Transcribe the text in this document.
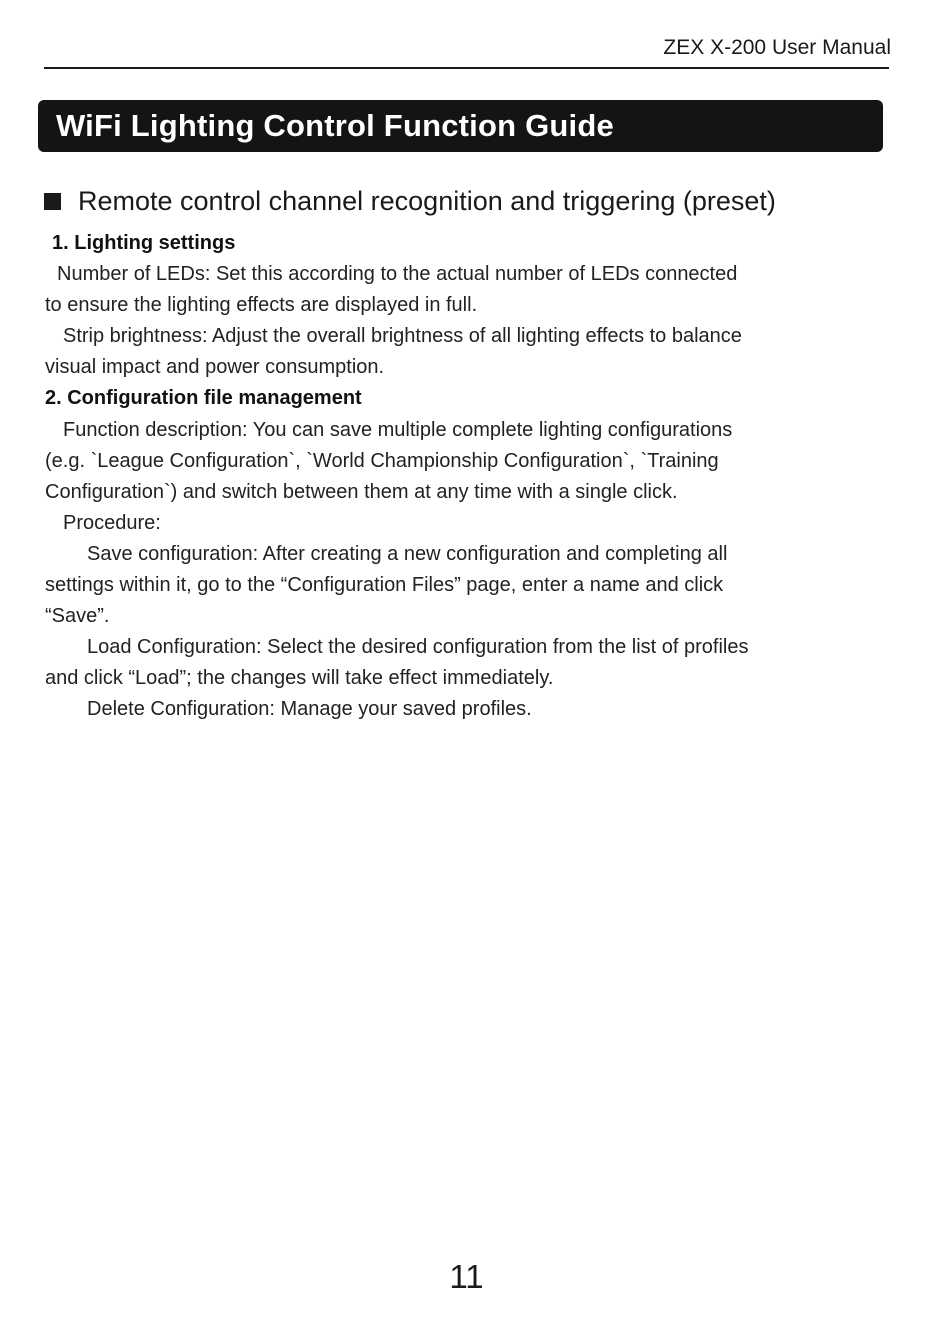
ZEX X-200 User Manual
WiFi Lighting Control Function Guide
Remote control channel recognition and triggering (preset)
1. Lighting settings
Number of LEDs: Set this according to the actual number of LEDs connected
to ensure the lighting effects are displayed in full.
Strip brightness: Adjust the overall brightness of all lighting effects to balance
visual impact and power consumption.
2. Configuration file management
Function description: You can save multiple complete lighting configurations
(e.g. `League Configuration`, `World Championship Configuration`, `Training
Configuration`) and switch between them at any time with a single click.
Procedure:
Save configuration: After creating a new configuration and completing all
settings within it, go to the “Configuration Files” page, enter a name and click
“Save”.
Load Configuration: Select the desired configuration from the list of profiles
and click “Load”; the changes will take effect immediately.
Delete Configuration: Manage your saved profiles.
11
